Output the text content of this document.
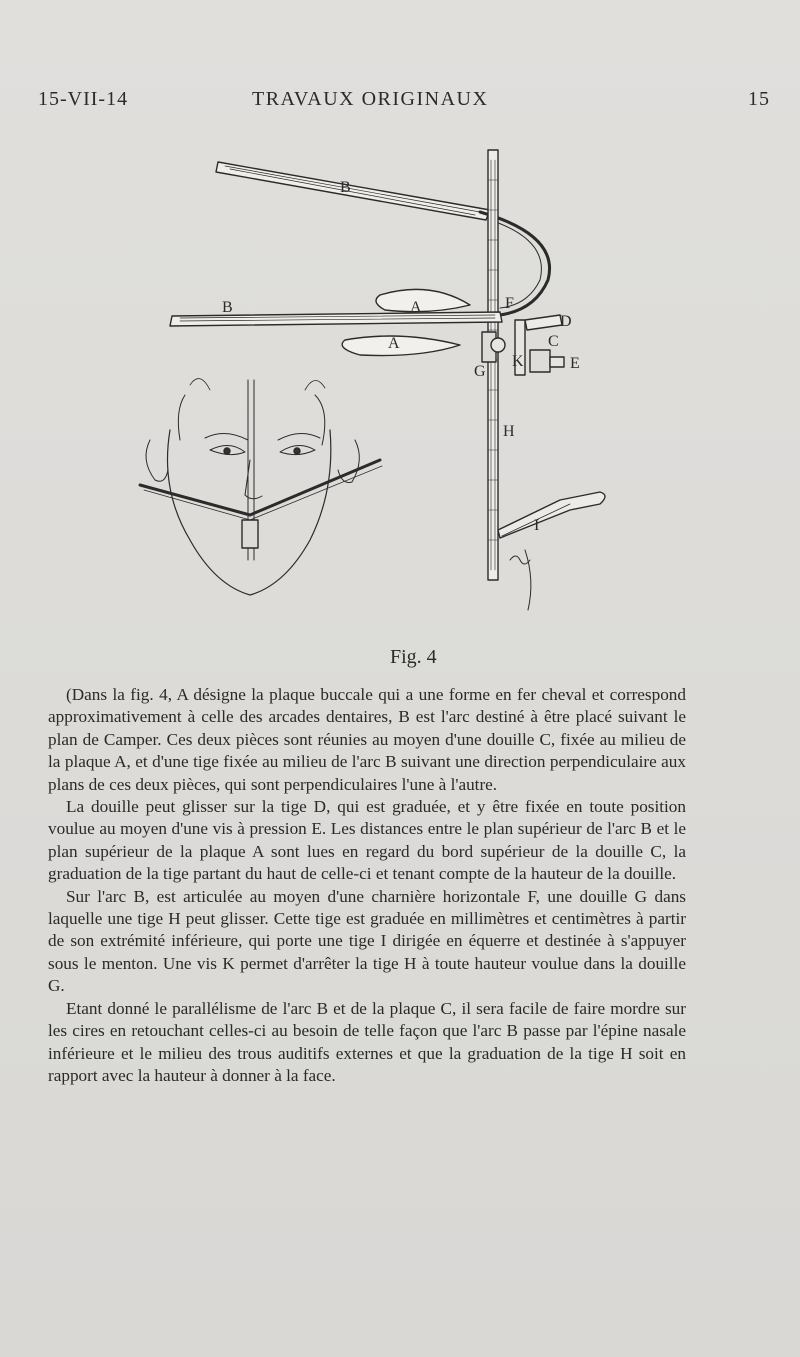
15-VII-14	TRAVAUX ORIGINAUX	15
B
B	A
A
F
D
C
G
K	E
H
I
Fig. 4

(Dans la fig. 4, A désigne la plaque buccale qui a une forme en fer cheval et correspond approximativement à celle des arcades dentaires, B est l'arc destiné à être placé suivant le plan de Camper. Ces deux pièces sont réunies au moyen d'une douille C, fixée au milieu de la plaque A, et d'une tige fixée au milieu de l'arc B suivant une direction perpendiculaire aux plans de ces deux pièces, qui sont perpendiculaires l'une à l'autre.

La douille peut glisser sur la tige D, qui est graduée, et y être fixée en toute position voulue au moyen d'une vis à pression E. Les distances entre le plan supérieur de l'arc B et le plan supérieur de la plaque A sont lues en regard du bord supérieur de la douille C, la graduation de la tige partant du haut de celle-ci et tenant compte de la hauteur de la douille.

Sur l'arc B, est articulée au moyen d'une charnière horizontale F, une douille G dans laquelle une tige H peut glisser. Cette tige est graduée en millimètres et centimètres à partir de son extrémité inférieure, qui porte une tige I dirigée en équerre et destinée à s'appuyer sous le menton. Une vis K permet d'arrêter la tige H à toute hauteur voulue dans la douille G.

Etant donné le parallélisme de l'arc B et de la plaque C, il sera facile de faire mordre sur les cires en retouchant celles-ci au besoin de telle façon que l'arc B passe par l'épine nasale inférieure et le milieu des trous auditifs externes et que la graduation de la tige H soit en rapport avec la hauteur à donner à la face.
